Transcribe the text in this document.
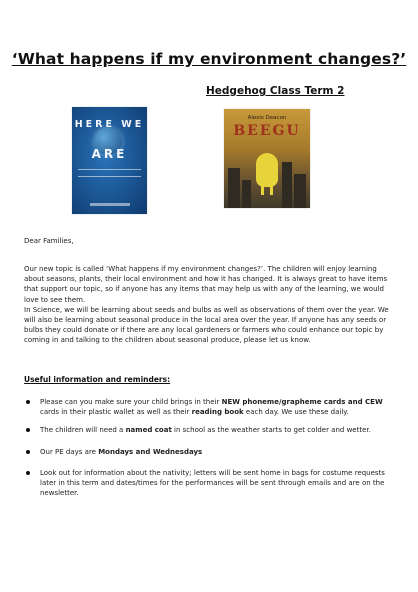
‘What happens if my environment changes?’
Hedgehog Class Term 2
HERE WE
ARE
Alexis Deacon
BEEGU
Dear Families,
Our new topic is called ‘What happens if my environment changes?’. The children will enjoy learning about seasons, plants, their local environment and how it has changed. It is always great to have items that support our topic, so if anyone has any items that may help us with any of the learning, we would love to see them.
In Science, we will be learning about seeds and bulbs as well as observations of them over the year. We will also be learning about seasonal produce in the local area over the year. If anyone has any seeds or bulbs they could donate or if there are any local gardeners or farmers who could enhance our topic by coming in and talking to the children about seasonal produce, please let us know.
Useful information and reminders:
Please can you make sure your child brings in their NEW phoneme/grapheme cards and CEW cards in their plastic wallet as well as their reading book each day. We use these daily.
The children will need a named coat in school as the weather starts to get colder and wetter.
Our PE days are Mondays and Wednesdays
Look out for information about the nativity; letters will be sent home in bags for costume requests later in this term and dates/times for the performances will be sent through emails and are on the newsletter.
